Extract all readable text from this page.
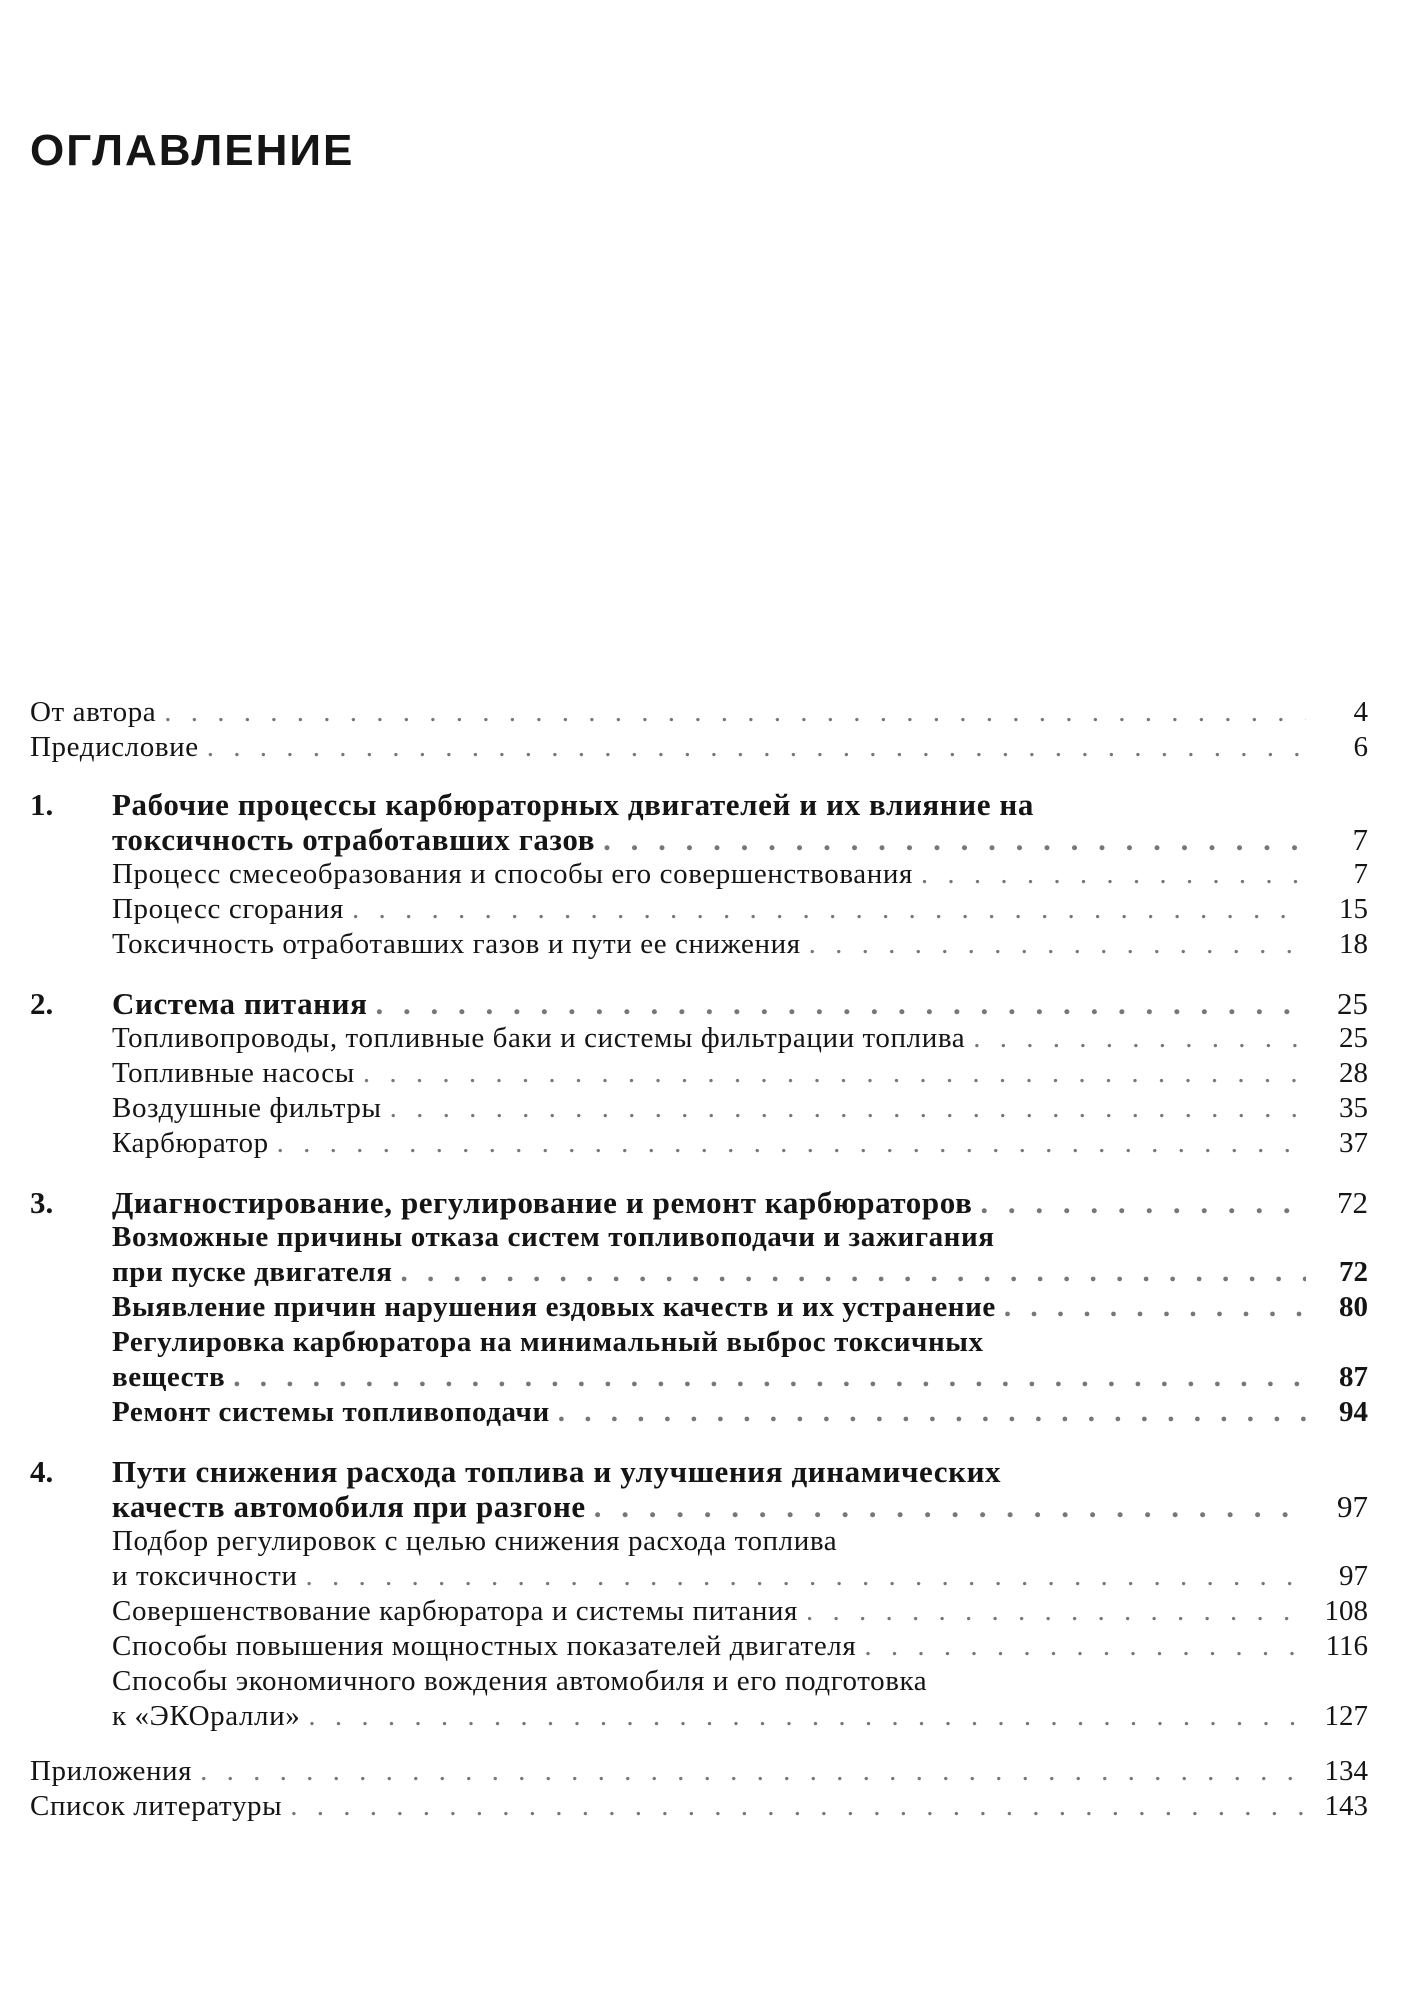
ОГЛАВЛЕНИЕ
От автора . . .	4
Предисловие . . .	6
1.	Рабочие процессы карбюраторных двигателей и их влияние на
токсичность отработавших газов . . .	7
Процесс смесеобразования и способы его совершенствования . . .	7
Процесс сгорания . . .	15
Токсичность отработавших газов и пути ее снижения . . .	18
2.	Система питания . . .	25
Топливопроводы, топливные баки и системы фильтрации топлива . . .	25
Топливные насосы . . .	28
Воздушные фильтры . . .	35
Карбюратор . . .	37
3.	Диагностирование, регулирование и ремонт карбюраторов . . .	72
Возможные причины отказа систем топливоподачи и зажигания
при пуске двигателя . . .	72
Выявление причин нарушения ездовых качеств и их устранение . . .	80
Регулировка карбюратора на минимальный выброс токсичных
веществ . . .	87
Ремонт системы топливоподачи . . .	94
4.	Пути снижения расхода топлива и улучшения динамических
качеств автомобиля при разгоне . . .	97
Подбор регулировок с целью снижения расхода топлива
и токсичности . . .	97
Совершенствование карбюратора и системы питания . . .	108
Способы повышения мощностных показателей двигателя . . .	116
Способы экономичного вождения автомобиля и его подготовка
к «ЭКОралли» . . .	127
Приложения . . .	134
Список литературы . . .	143
